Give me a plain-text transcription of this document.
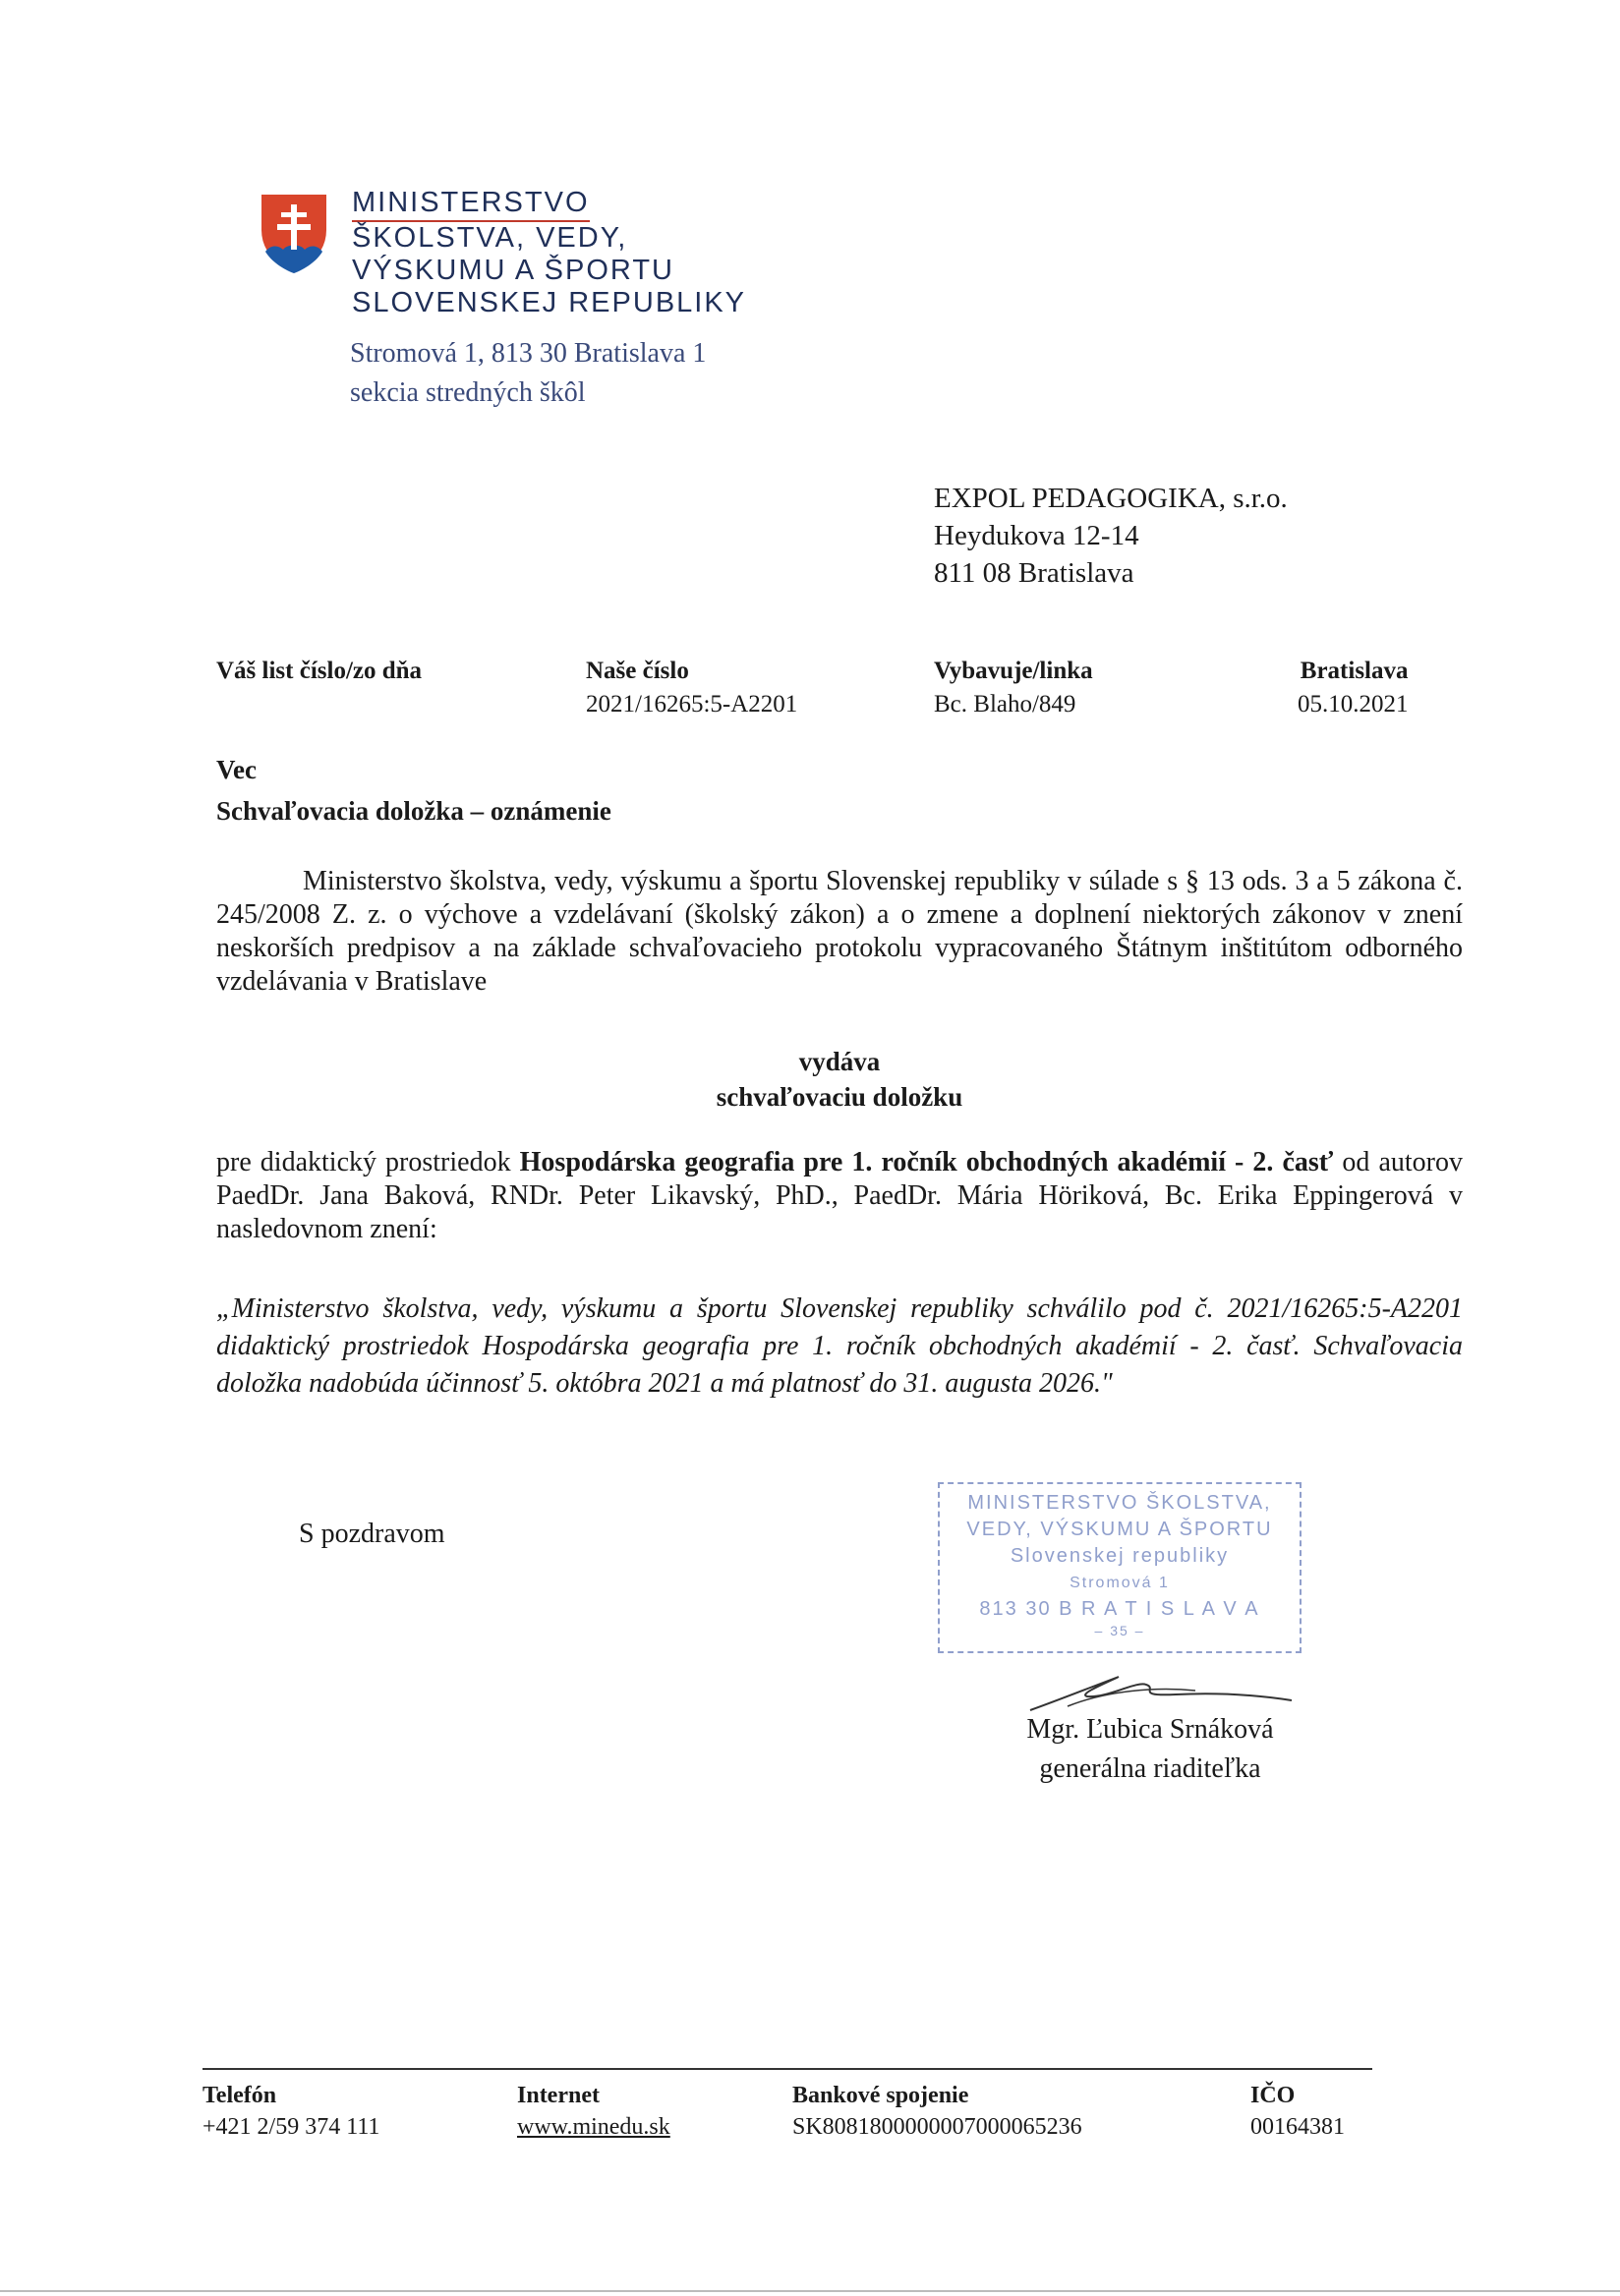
MINISTERSTVO
ŠKOLSTVA, VEDY,
VÝSKUMU A ŠPORTU
SLOVENSKEJ REPUBLIKY
Stromová 1, 813 30 Bratislava 1
sekcia stredných škôl
EXPOL PEDAGOGIKA, s.r.o.
Heydukova 12-14
811 08 Bratislava
Váš list číslo/zo dňa	Naše číslo
2021/16265:5-A2201
Vybavuje/linka
Bc. Blaho/849
Bratislava
05.10.2021
Vec
Schvaľovacia doložka – oznámenie
Ministerstvo školstva, vedy, výskumu a športu Slovenskej republiky v súlade s § 13 ods. 3 a 5 zákona č. 245/2008 Z. z. o výchove a vzdelávaní (školský zákon) a o zmene a doplnení niektorých zákonov v znení neskorších predpisov a na základe schvaľovacieho protokolu vypracovaného Štátnym inštitútom odborného vzdelávania v Bratislave
vydáva
schvaľovaciu doložku
pre didaktický prostriedok Hospodárska geografia pre 1. ročník obchodných akadémií - 2. časť od autorov PaedDr. Jana Baková, RNDr. Peter Likavský, PhD., PaedDr. Mária Höriková, Bc. Erika Eppingerová v nasledovnom znení:
„Ministerstvo školstva, vedy, výskumu a športu Slovenskej republiky schválilo pod č. 2021/16265:5-A2201 didaktický prostriedok Hospodárska geografia pre 1. ročník obchodných akadémií - 2. časť. Schvaľovacia doložka nadobúda účinnosť 5. októbra 2021 a má platnosť do 31. augusta 2026."
S pozdravom
MINISTERSTVO ŠKOLSTVA,
VEDY, VÝSKUMU A ŠPORTU
Slovenskej republiky
Stromová 1
813 30 B R A T I S L A V A
– 35 –
Mgr. Ľubica Srnáková
generálna riaditeľka
Telefón
+421 2/59 374 111
Internet
www.minedu.sk
Bankové spojenie
SK8081800000007000065236
IČO
00164381
